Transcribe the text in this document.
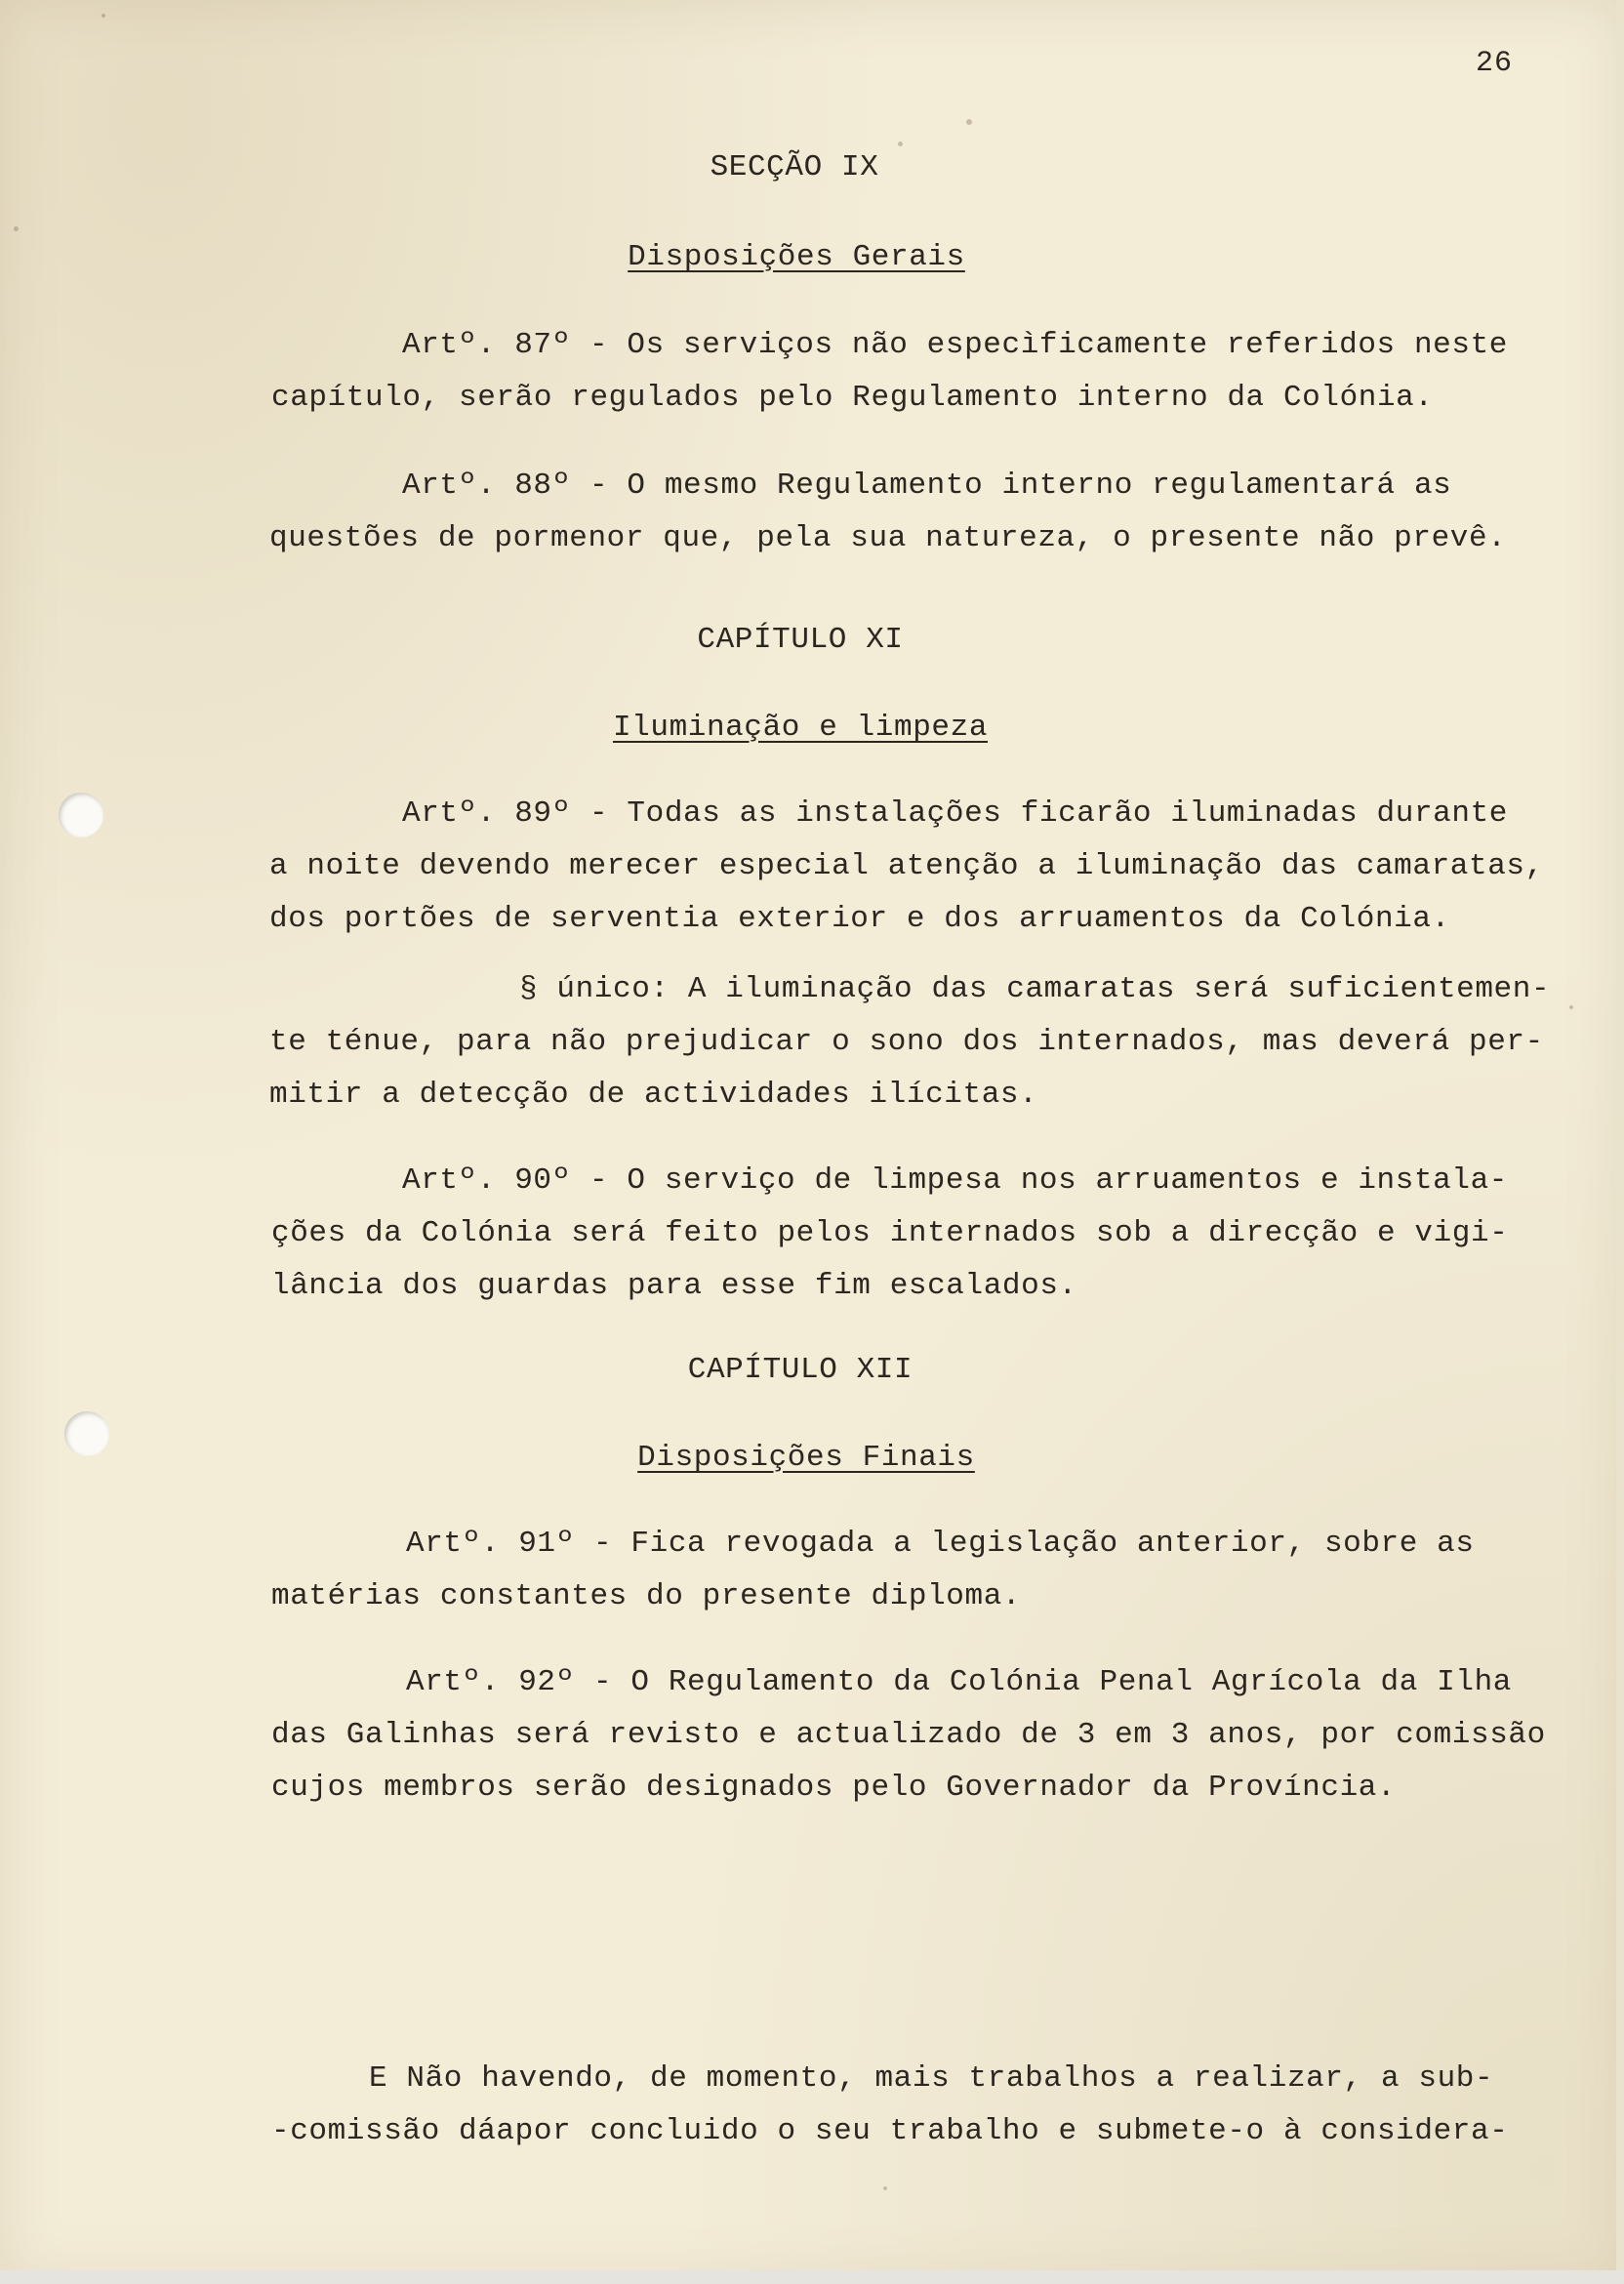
26
SECÇÃO IX
Disposições Gerais
Artº. 87º - Os serviços não especìficamente referidos neste
capítulo, serão regulados pelo Regulamento interno da Colónia.
Artº. 88º - O mesmo Regulamento interno regulamentará as
questões de pormenor que, pela sua natureza, o presente não prevê.
CAPÍTULO XI
Iluminação e limpeza
Artº. 89º - Todas as instalações ficarão iluminadas durante
a noite devendo merecer especial atenção a iluminação das camaratas,
dos portões de serventia exterior e dos arruamentos da Colónia.
§ único: A iluminação das camaratas será suficientemen-
te ténue, para não prejudicar o sono dos internados, mas deverá per-
mitir a detecção de actividades ilícitas.
Artº. 90º - O serviço de limpesa nos arruamentos e instala-
ções da Colónia será feito pelos internados sob a direcção e vigi-
lância dos guardas para esse fim escalados.
CAPÍTULO XII
Disposições Finais
Artº. 91º - Fica revogada a legislação anterior, sobre as
matérias constantes do presente diploma.
Artº. 92º - O Regulamento da Colónia Penal Agrícola da Ilha
das Galinhas será revisto e actualizado de 3 em 3 anos, por comissão
cujos membros serão designados pelo Governador da Província.
E Não havendo, de momento, mais trabalhos a realizar, a sub-
-comissão dáapor concluido o seu trabalho e submete-o à considera-
